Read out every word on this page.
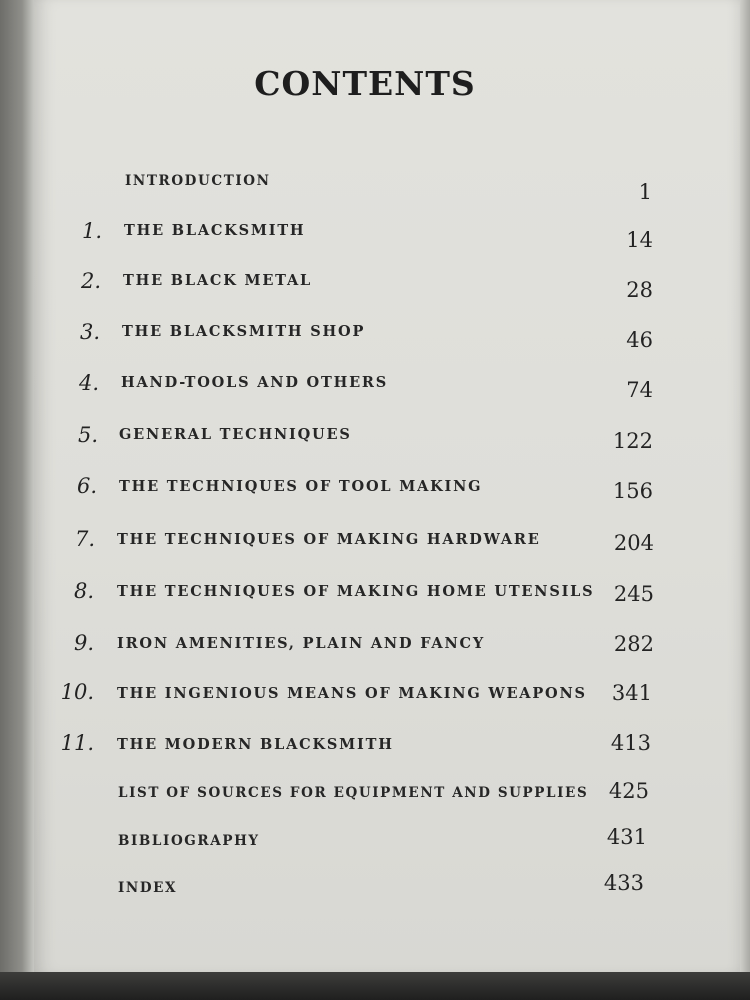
CONTENTS
INTRODUCTION	1
1. THE BLACKSMITH	14
2. THE BLACK METAL	28
3. THE BLACKSMITH SHOP	46
4. HAND-TOOLS AND OTHERS	74
5. GENERAL TECHNIQUES	122
6. THE TECHNIQUES OF TOOL MAKING	156
7. THE TECHNIQUES OF MAKING HARDWARE	204
8. THE TECHNIQUES OF MAKING HOME UTENSILS 245
9. IRON AMENITIES, PLAIN AND FANCY	282
10. THE INGENIOUS MEANS OF MAKING WEAPONS	341
11. THE MODERN BLACKSMITH	413
LIST OF SOURCES FOR EQUIPMENT AND SUPPLIES 425
BIBLIOGRAPHY	431
INDEX	433
